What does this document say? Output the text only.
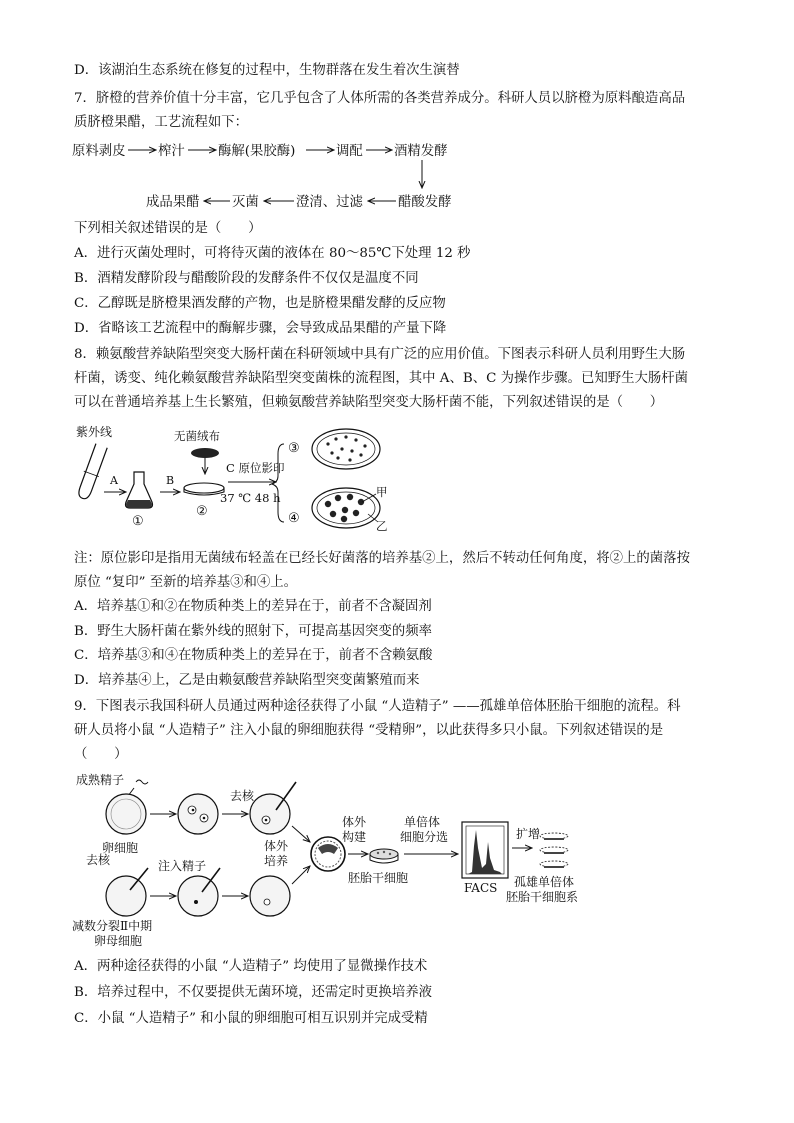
D．该湖泊生态系统在修复的过程中，生物群落在发生着次生演替
7．脐橙的营养价值十分丰富，它几乎包含了人体所需的各类营养成分。科研人员以脐橙为原料酿造高品
质脐橙果醋，工艺流程如下：
原料剥皮 榨汁 酶解(果胶酶)	调配 酒精发酵
成品果醋 灭菌	澄清、过滤	醋酸发酵
下列相关叙述错误的是（　　）
A．进行灭菌处理时，可将待灭菌的液体在 80～85℃下处理 12 秒
B．酒精发酵阶段与醋酸阶段的发酵条件不仅仅是温度不同
C．乙醇既是脐橙果酒发酵的产物，也是脐橙果醋发酵的反应物
D．省略该工艺流程中的酶解步骤，会导致成品果醋的产量下降
8．赖氨酸营养缺陷型突变大肠杆菌在科研领域中具有广泛的应用价值。下图表示科研人员利用野生大肠
杆菌，诱变、纯化赖氨酸营养缺陷型突变菌株的流程图，其中 A、B、C 为操作步骤。已知野生大肠杆菌
可以在普通培养基上生长繁殖，但赖氨酸营养缺陷型突变大肠杆菌不能，下列叙述错误的是（　　）
紫外线
A
①
B
无菌绒布
②
C 原位影印
37 ℃ 48 h
③
④
甲
乙
注：原位影印是指用无菌绒布轻盖在已经长好菌落的培养基②上，然后不转动任何角度，将②上的菌落按
原位 “复印” 至新的培养基③和④上。
A．培养基①和②在物质种类上的差异在于，前者不含凝固剂
B．野生大肠杆菌在紫外线的照射下，可提高基因突变的频率
C．培养基③和④在物质种类上的差异在于，前者不含赖氨酸
D．培养基④上，乙是由赖氨酸营养缺陷型突变菌繁殖而来
9．下图表示我国科研人员通过两种途径获得了小鼠 “人造精子” ——孤雄单倍体胚胎干细胞的流程。科
研人员将小鼠 “人造精子” 注入小鼠的卵细胞获得 “受精卵”，以此获得多只小鼠。下列叙述错误的是
（　　）
成熟精子
卵细胞
去核
去核
减数分裂Ⅱ中期
卵母细胞
注入精子
体外
培养
体外
构建
胚胎干细胞
单倍体
细胞分选
FACS
扩增
孤雄单倍体
胚胎干细胞系
A．两种途径获得的小鼠 “人造精子” 均使用了显微操作技术
B．培养过程中，不仅要提供无菌环境，还需定时更换培养液
C．小鼠 “人造精子” 和小鼠的卵细胞可相互识别并完成受精
